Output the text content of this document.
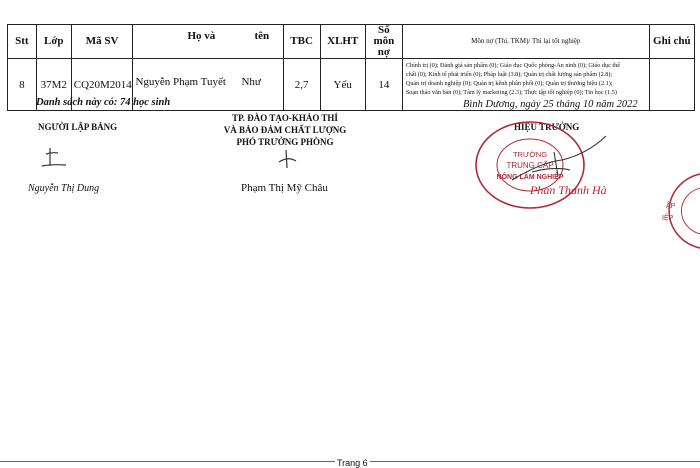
Stt	Lớp	Mã SV	Họ và tên	TBC	XLHT	Số môn nợ	Môn nợ (Thi, TKM)/ Thi lại tốt nghiệp	Ghi chú
8	37M2	CQ20M2014	Nguyễn Phạm Tuyết Như	2,7	Yếu	14	Chính trị (0); Đánh giá sản phẩm (0); Giáo dục Quốc phòng-An ninh (0); Giáo dục thể
chất (0); Kinh tế phát triển (0); Pháp luật (3.8); Quản trị chất lượng sản phẩm (2.8);
Quản trị doanh nghiệp (0); Quản trị kênh phân phối (0); Quản trị thương hiệu (2.1);
Soạn thảo văn bản (0); Tâm lý marketing (2.3); Thực tập tốt nghiệp (0); Tin học (1.5)	

Danh sách này có: 74 học sinh	Bình Dương, ngày 25 tháng 10 năm 2022
NGƯỜI LẬP BẢNG
Nguyễn Thị Dung
TP. ĐÀO TẠO-KHẢO THÍ
VÀ BẢO ĐẢM CHẤT LƯỢNG
PHÓ TRƯỞNG PHÒNG
Phạm Thị Mỹ Châu
HIỆU TRƯỞNG
TRƯỜNG
TRUNG CẤP
NÔNG LÂM NGHIỆP
Phan Thanh Hà
ẬP
IỆP
Trang 6
